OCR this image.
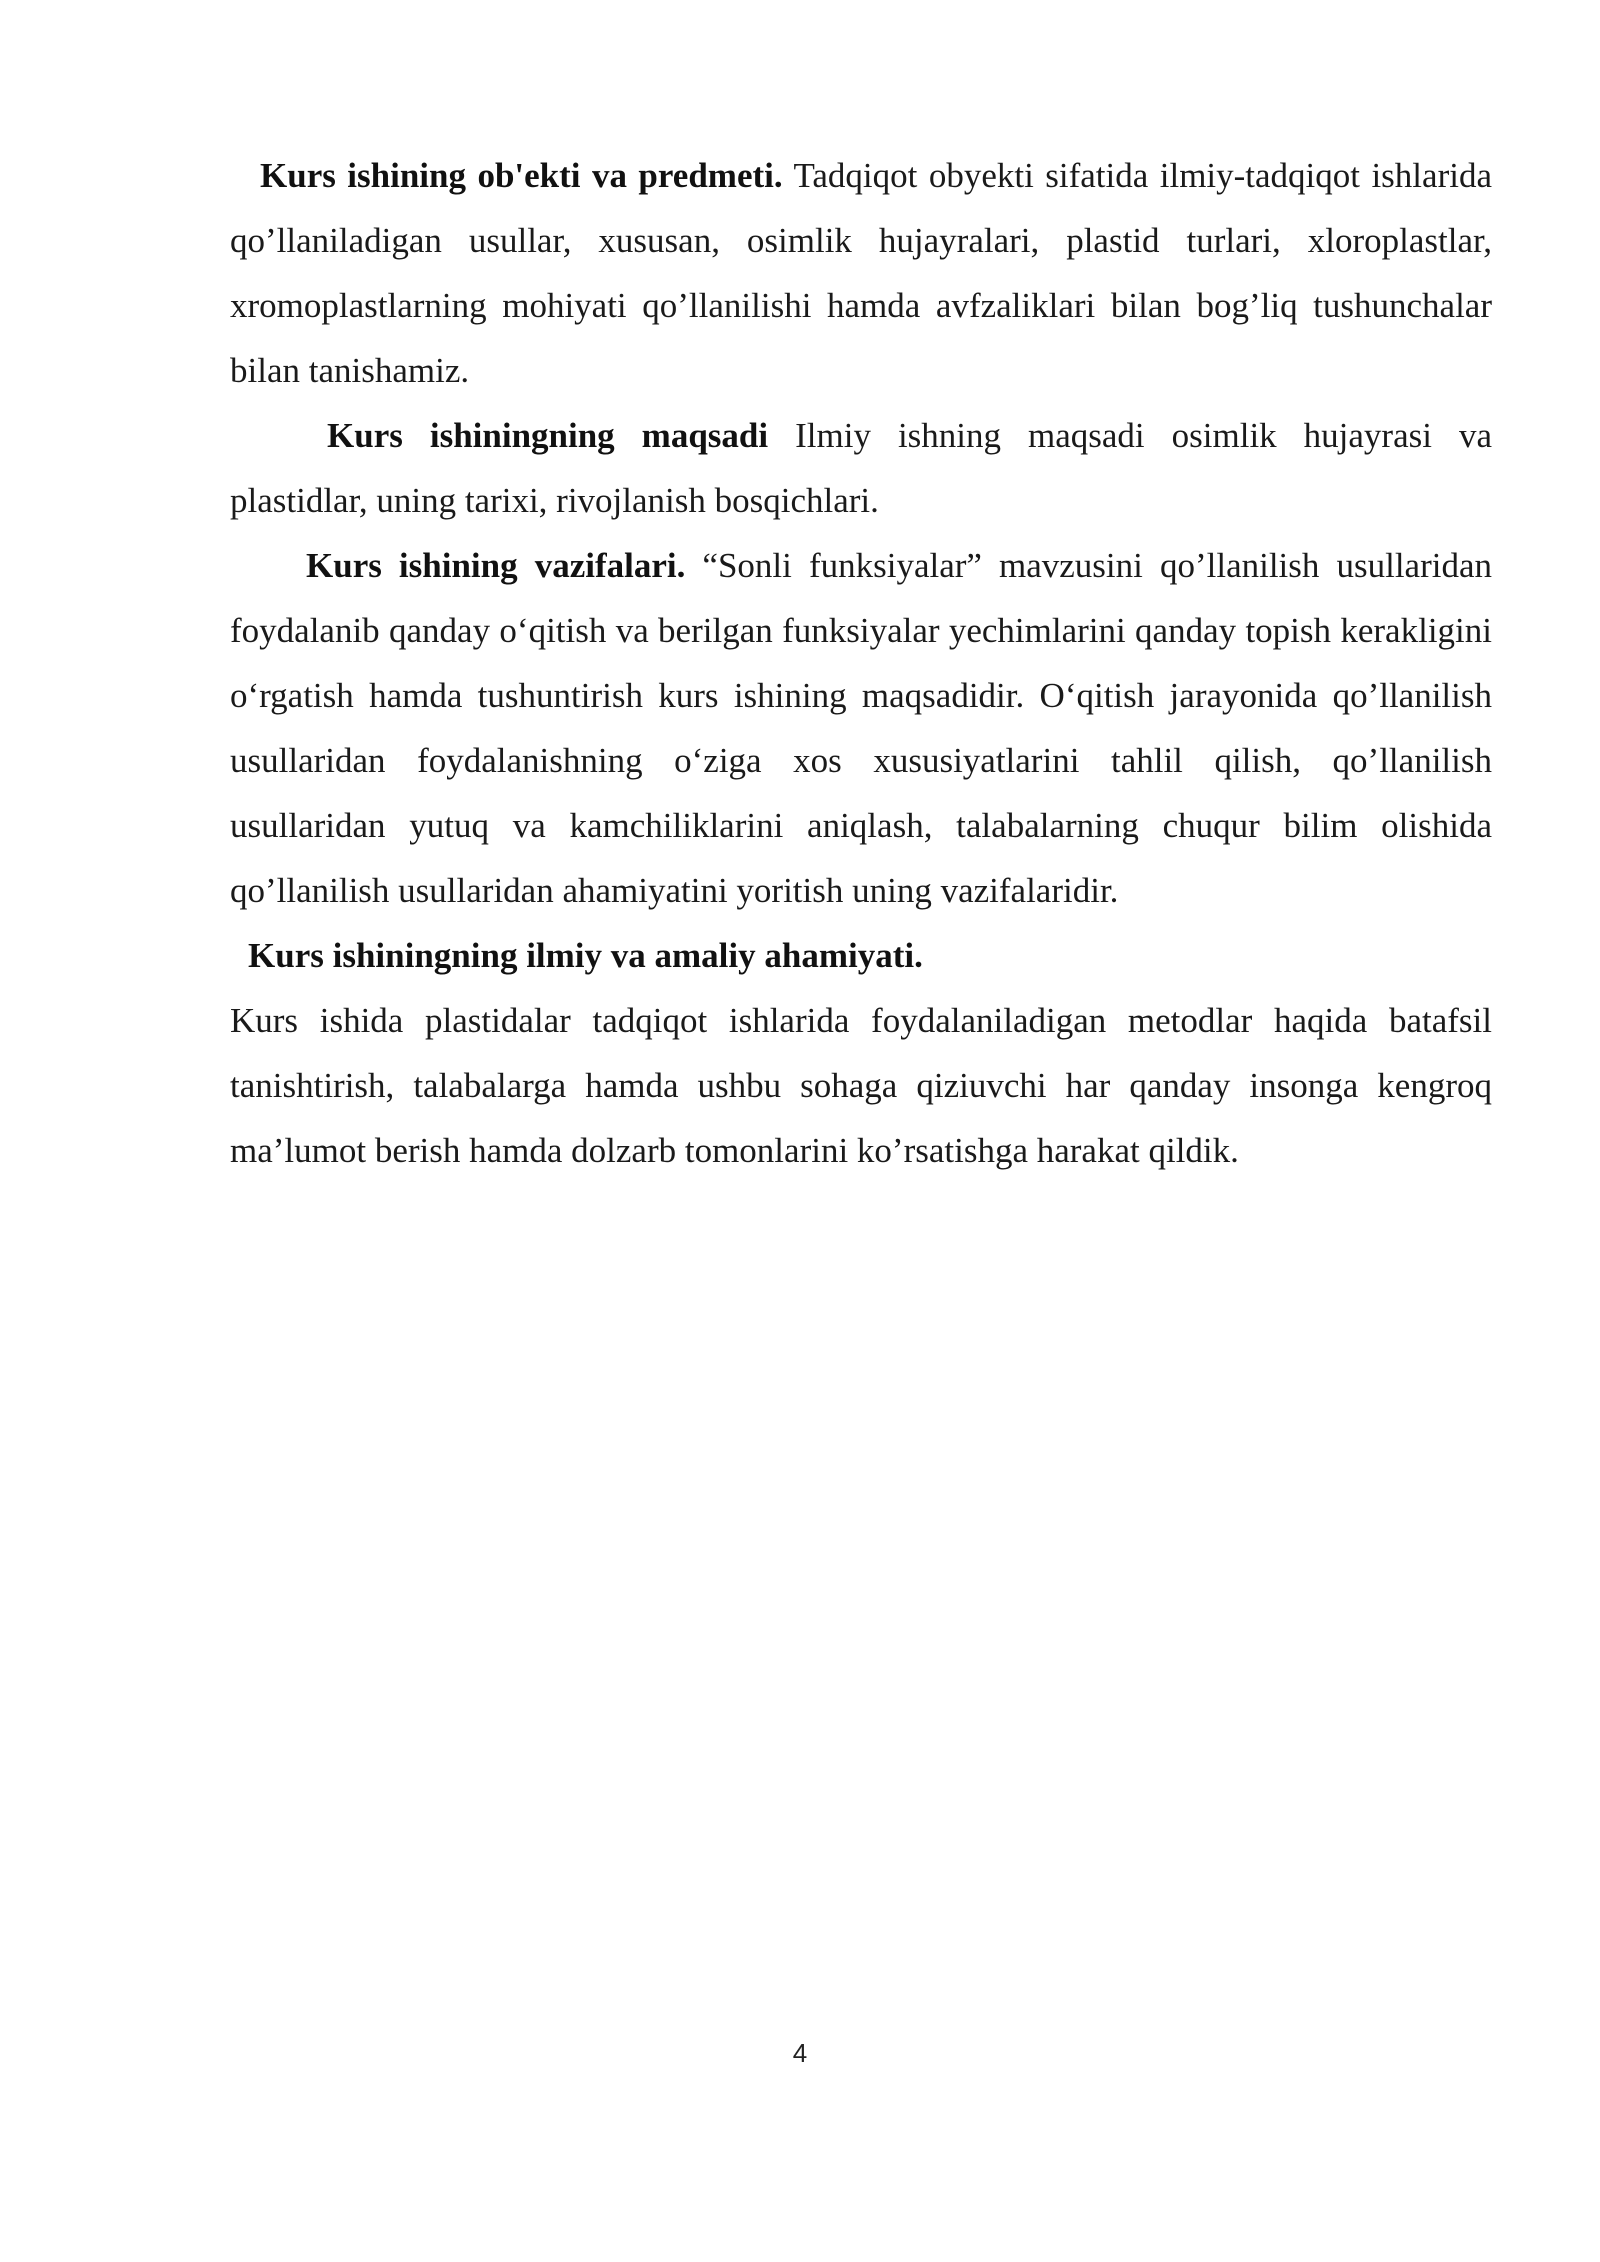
Kurs ishining ob'ekti va predmeti. Tadqiqot obyekti sifatida ilmiy-tadqiqot ishlarida qo’llaniladigan usullar, xususan, osimlik hujayralari, plastid turlari, xloroplastlar, xromoplastlarning mohiyati qo’llanilishi hamda avfzaliklari bilan bog’liq tushunchalar bilan tanishamiz.

Kurs ishiningning maqsadi Ilmiy ishning maqsadi osimlik hujayrasi va plastidlar, uning tarixi, rivojlanish bosqichlari.

Kurs ishining vazifalari. “Sonli funksiyalar” mavzusini qo’llanilish usullaridan foydalanib qanday o‘qitish va berilgan funksiyalar yechimlarini qanday topish kerakligini o‘rgatish hamda tushuntirish kurs ishining maqsadidir. O‘qitish jarayonida qo’llanilish usullaridan foydalanishning o‘ziga xos xususiyatlarini tahlil qilish, qo’llanilish usullaridan yutuq va kamchiliklarini aniqlash, talabalarning chuqur bilim olishida qo’llanilish usullaridan ahamiyatini yoritish uning vazifalaridir.

Kurs ishiningning ilmiy va amaliy ahamiyati.

Kurs ishida plastidalar tadqiqot ishlarida foydalaniladigan metodlar haqida batafsil tanishtirish, talabalarga hamda ushbu sohaga qiziuvchi har qanday insonga kengroq ma’lumot berish hamda dolzarb tomonlarini ko’rsatishga harakat qildik.

4
